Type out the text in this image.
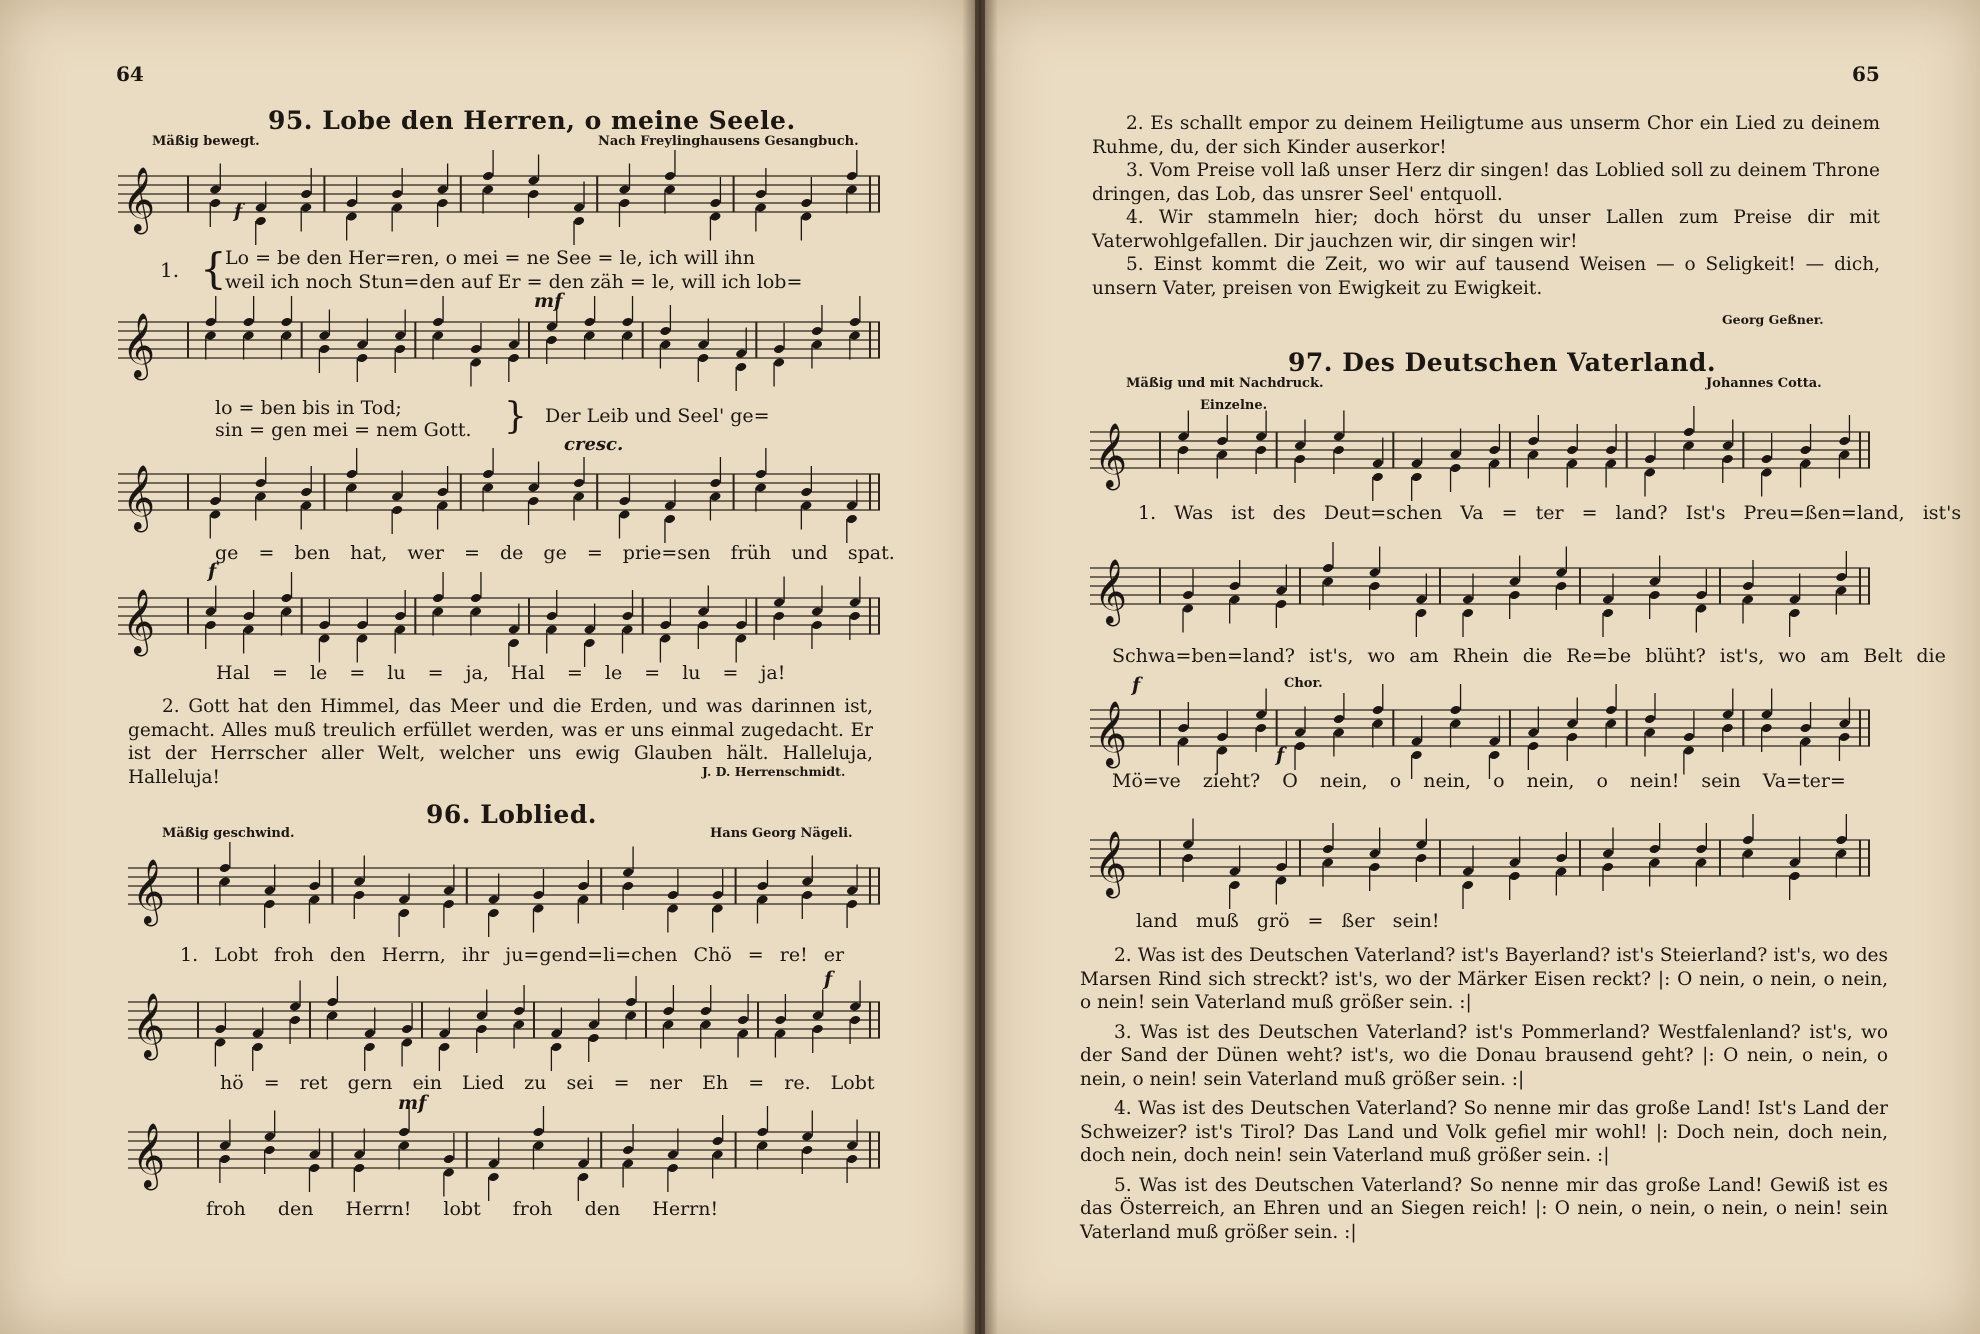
64
95. Lobe den Herren, o meine Seele.
Mäßig bewegt.	Nach Freylinghausens Gesangbuch.
𝄞	f
1. {
Lo = be den Her=ren, o mei = ne See = le, ich will ihn
weil ich noch Stun=den auf Er = den zäh = le, will ich lob=
mf
𝄞
lo = ben bis in Tod;
sin = gen mei = nem Gott. } Der Leib und Seel' ge=
cresc.
𝄞
ge = ben hat, wer = de ge = prie=sen früh und spat.
f
𝄞
Hal = le = lu = ja, Hal = le = lu = ja!

2. Gott hat den Himmel, das Meer und die Erden, und was darinnen ist, gemacht. Alles muß treulich erfüllet werden, was er uns einmal zugedacht. Er ist der Herrscher aller Welt, welcher uns ewig Glauben hält. Halleluja, Halleluja!	J. D. Herrenschmidt.
96. Loblied.
Mäßig geschwind.	Hans Georg Nägeli.
𝄞
1. Lobt froh den Herrn, ihr ju=gend=li=chen Chö = re! er
𝄞
f
hö = ret gern ein Lied zu sei = ner Eh = re. Lobt
𝄞
mf
froh den Herrn! lobt froh den Herrn!
65

2. Es schallt empor zu deinem Heiligtume aus unserm Chor ein Lied zu deinem Ruhme, du, der sich Kinder auserkor!

3. Vom Preise voll laß unser Herz dir singen! das Loblied soll zu deinem Throne dringen, das Lob, das unsrer Seel' entquoll.

4. Wir stammeln hier; doch hörst du unser Lallen zum Preise dir mit Vaterwohlgefallen. Dir jauchzen wir, dir singen wir!

5. Einst kommt die Zeit, wo wir auf tausend Weisen — o Seligkeit! — dich, unsern Vater, preisen von Ewigkeit zu Ewigkeit.

Georg Geßner.
97. Des Deutschen Vaterland.
Mäßig und mit Nachdruck.	Johannes Cotta.
Einzelne.
𝄞
1. Was ist des Deut=schen Va = ter = land? Ist's Preu=ßen=land, ist's
𝄞
Schwa=ben=land? ist's, wo am Rhein die Re=be blüht? ist's, wo am Belt die
Chor.
f
𝄞	f
Mö=ve zieht? O nein, o nein, o nein, o nein! sein Va=ter=
𝄞
land muß grö = ßer sein!

2. Was ist des Deutschen Vaterland? ist's Bayerland? ist's Steierland? ist's, wo des Marsen Rind sich streckt? ist's, wo der Märker Eisen reckt? |: O nein, o nein, o nein, o nein! sein Vaterland muß größer sein. :|

3. Was ist des Deutschen Vaterland? ist's Pommerland? Westfalenland? ist's, wo der Sand der Dünen weht? ist's, wo die Donau brausend geht? |: O nein, o nein, o nein, o nein! sein Vaterland muß größer sein. :|

4. Was ist des Deutschen Vaterland? So nenne mir das große Land! Ist's Land der Schweizer? ist's Tirol? Das Land und Volk gefiel mir wohl! |: Doch nein, doch nein, doch nein, doch nein! sein Vaterland muß größer sein. :|

5. Was ist des Deutschen Vaterland? So nenne mir das große Land! Gewiß ist es das Österreich, an Ehren und an Siegen reich! |: O nein, o nein, o nein, o nein! sein Vaterland muß größer sein. :|
